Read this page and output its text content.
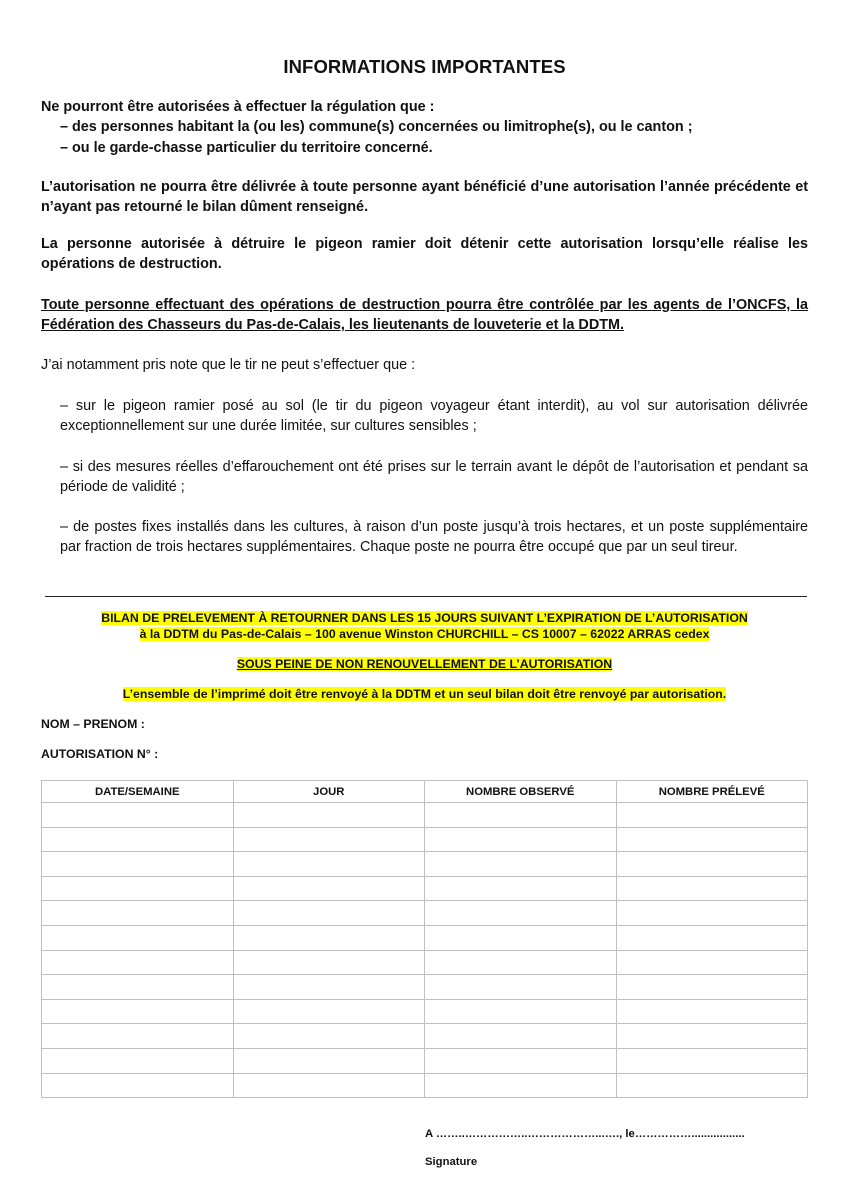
INFORMATIONS IMPORTANTES
Ne pourront être autorisées à effectuer la régulation que :
– des personnes habitant la (ou les) commune(s) concernées ou limitrophe(s), ou le canton ;
– ou le garde-chasse particulier du territoire concerné.
L’autorisation ne pourra être délivrée à toute personne ayant bénéficié d’une autorisation l’année précédente et n’ayant pas retourné le bilan dûment renseigné.
La personne autorisée à détruire le pigeon ramier doit détenir cette autorisation lorsqu’elle réalise les opérations de destruction.
Toute personne effectuant des opérations de destruction pourra être contrôlée par les agents de l’ONCFS, la Fédération des Chasseurs du Pas-de-Calais, les lieutenants de louveterie et la DDTM.
J’ai notamment pris note que le tir ne peut s’effectuer que :
– sur le pigeon ramier posé au sol (le tir du pigeon voyageur étant interdit), au vol sur autorisation délivrée exceptionnellement sur une durée limitée, sur cultures sensibles ;
– si des mesures réelles d’effarouchement ont été prises sur le terrain avant le dépôt de l’autorisation et pendant sa période de validité ;
– de postes fixes installés dans les cultures, à raison d’un poste jusqu’à trois hectares, et un poste supplémentaire par fraction de trois hectares supplémentaires. Chaque poste ne pourra être occupé que par un seul tireur.
BILAN DE PRELEVEMENT À RETOURNER DANS LES 15 JOURS SUIVANT L’EXPIRATION DE L’AUTORISATION
à la DDTM du Pas-de-Calais – 100 avenue Winston CHURCHILL – CS 10007 – 62022 ARRAS cedex
SOUS PEINE DE NON RENOUVELLEMENT DE L’AUTORISATION
L’ensemble de l’imprimé doit être renvoyé à la DDTM et un seul bilan doit être renvoyé par autorisation.
NOM – PRENOM :
AUTORISATION N° :
DATE/SEMAINE	JOUR	NOMBRE OBSERVÉ	NOMBRE PRÉLEVÉ

A ……..……………..………………...…., le…………….................
Signature
